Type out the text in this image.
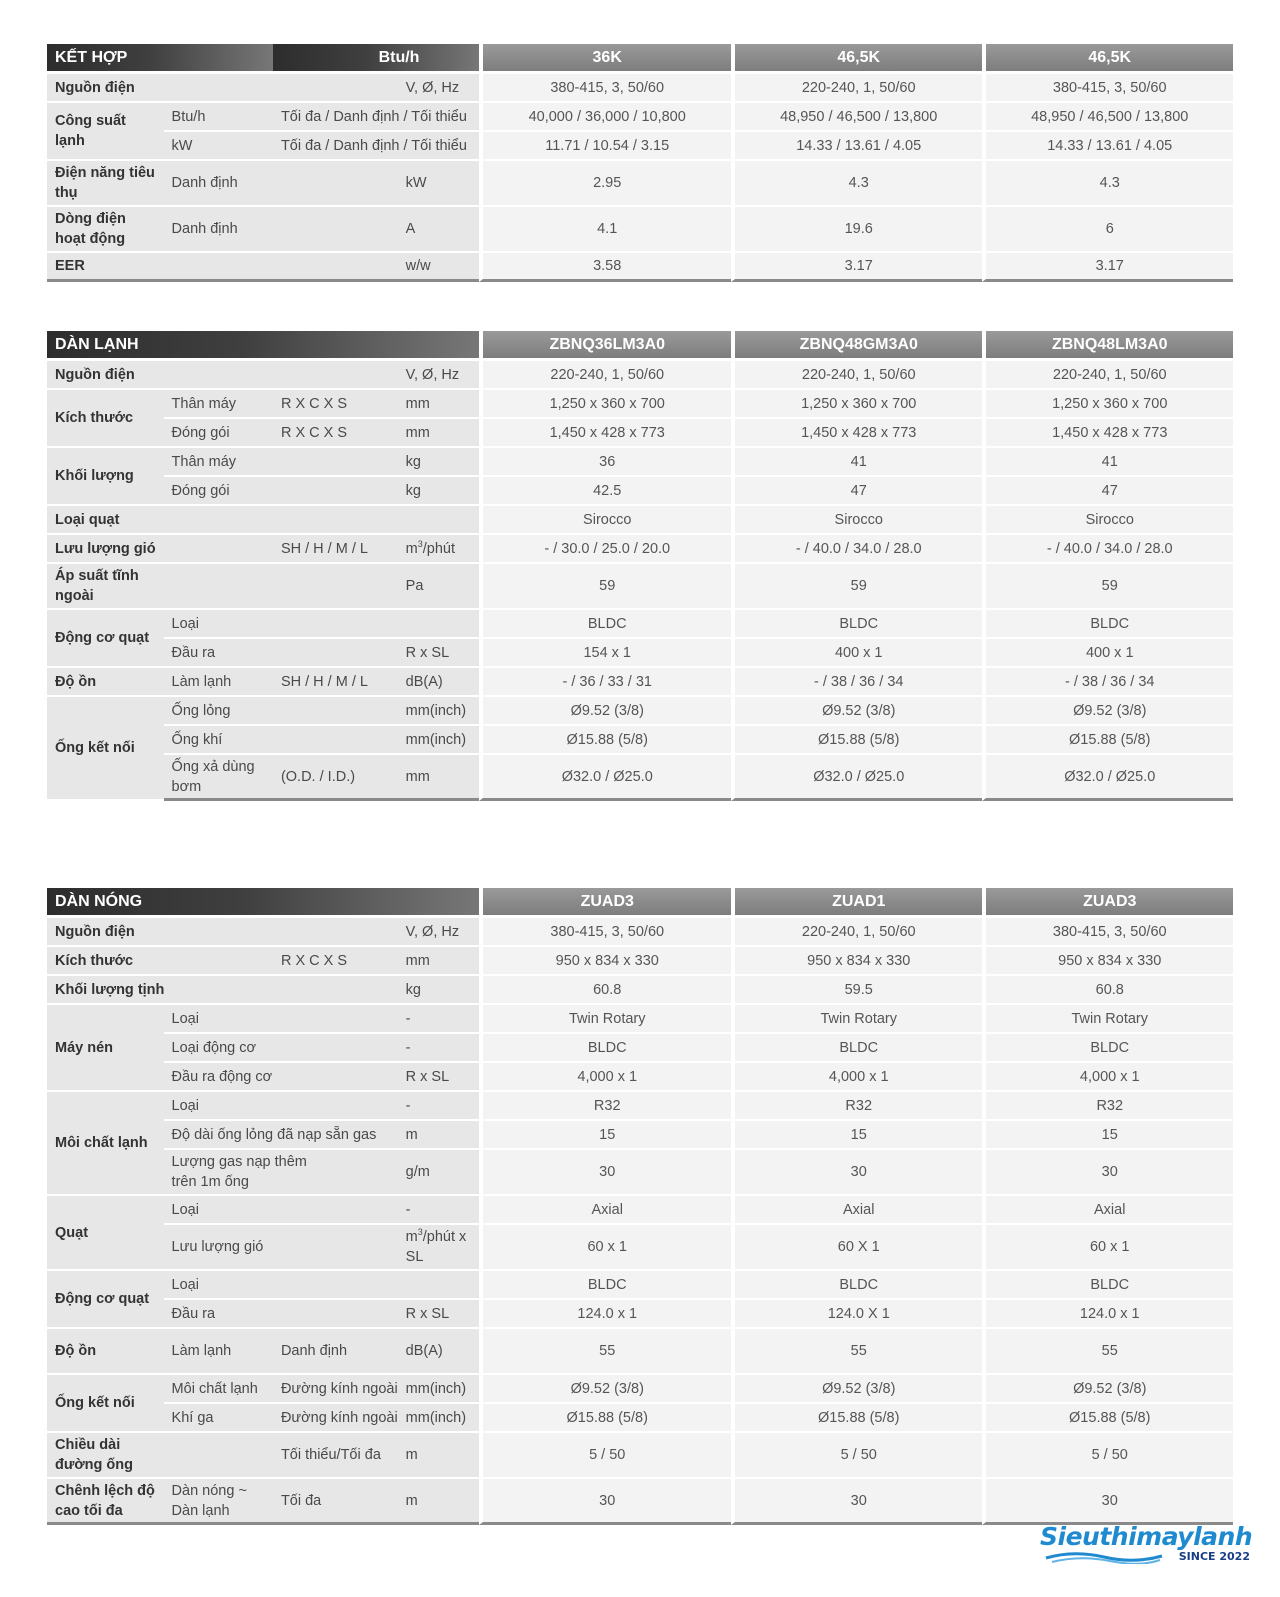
KẾT HỢP		Btu/h		36K	46,5K	46,5K
Nguồn điện			V, Ø, Hz	380-415, 3, 50/60	220-240, 1, 50/60	380-415, 3, 50/60
Công suất lạnh	Btu/h	Tối đa / Danh định / Tối thiểu		40,000 / 36,000 / 10,800	48,950 / 46,500 / 13,800	48,950 / 46,500 / 13,800
	kW	Tối đa / Danh định / Tối thiểu		11.71 / 10.54 / 3.15	14.33 / 13.61 / 4.05	14.33 / 13.61 / 4.05
Điện năng tiêu thụ	Danh định		kW	2.95	4.3	4.3
Dòng điện hoạt động	Danh định		A	4.1	19.6	6
EER			w/w	3.58	3.17	3.17
DÀN LẠNH				ZBNQ36LM3A0	ZBNQ48GM3A0	ZBNQ48LM3A0
Nguồn điện			V, Ø, Hz	220-240, 1, 50/60	220-240, 1, 50/60	220-240, 1, 50/60
Kích thước	Thân máy	R X C X S	mm	1,250 x 360 x 700	1,250 x 360 x 700	1,250 x 360 x 700
	Đóng gói	R X C X S	mm	1,450 x 428 x 773	1,450 x 428 x 773	1,450 x 428 x 773
Khối lượng	Thân máy		kg	36	41	41
	Đóng gói		kg	42.5	47	47
Loại quạt				Sirocco	Sirocco	Sirocco
Lưu lượng gió		SH / H / M / L	$m^3$/phút	- / 30.0 / 25.0 / 20.0	- / 40.0 / 34.0 / 28.0	- / 40.0 / 34.0 / 28.0
Áp suất tĩnh ngoài			Pa	59	59	59
Động cơ quạt	Loại			BLDC	BLDC	BLDC
	Đầu ra		R x SL	154 x 1	400 x 1	400 x 1
Độ ồn	Làm lạnh	SH / H / M / L	dB(A)	- / 36 / 33 / 31	- / 38 / 36 / 34	- / 38 / 36 / 34
Ống kết nối	Ống lỏng		mm(inch)	Ø9.52 (3/8)	Ø9.52 (3/8)	Ø9.52 (3/8)
	Ống khí		mm(inch)	Ø15.88 (5/8)	Ø15.88 (5/8)	Ø15.88 (5/8)
	Ống xả dùng bơm	(O.D. / I.D.)	mm	Ø32.0 / Ø25.0	Ø32.0 / Ø25.0	Ø32.0 / Ø25.0
DÀN NÓNG				ZUAD3	ZUAD1	ZUAD3
Nguồn điện			V, Ø, Hz	380-415, 3, 50/60	220-240, 1, 50/60	380-415, 3, 50/60
Kích thước		R X C X S	mm	950 x 834 x 330	950 x 834 x 330	950 x 834 x 330
Khối lượng tịnh			kg	60.8	59.5	60.8
Máy nén	Loại		-	Twin Rotary	Twin Rotary	Twin Rotary
	Loại động cơ		-	BLDC	BLDC	BLDC
	Đầu ra động cơ		R x SL	4,000 x 1	4,000 x 1	4,000 x 1
Môi chất lạnh	Loại		-	R32	R32	R32
	Độ dài ống lỏng đã nạp sẵn gas		m	15	15	15
	Lượng gas nạp thêm trên 1m ống		g/m	30	30	30
Quạt	Loại		-	Axial	Axial	Axial
	Lưu lượng gió		$m^3$/phút x SL	60 x 1	60 X 1	60 x 1
Động cơ quạt	Loại			BLDC	BLDC	BLDC
	Đầu ra		R x SL	124.0 x 1	124.0 X 1	124.0 x 1
Độ ồn	Làm lạnh	Danh định	dB(A)	55	55	55
Ống kết nối	Môi chất lạnh	Đường kính ngoài	mm(inch)	Ø9.52 (3/8)	Ø9.52 (3/8)	Ø9.52 (3/8)
	Khí ga	Đường kính ngoài	mm(inch)	Ø15.88 (5/8)	Ø15.88 (5/8)	Ø15.88 (5/8)
Chiều dài đường ống		Tối thiểu/Tối đa	m	5 / 50	5 / 50	5 / 50
Chênh lệch độ cao tối đa	Dàn nóng ~ Dàn lạnh	Tối đa	m	30	30	30
Sieuthimaylanh
SINCE 2022
